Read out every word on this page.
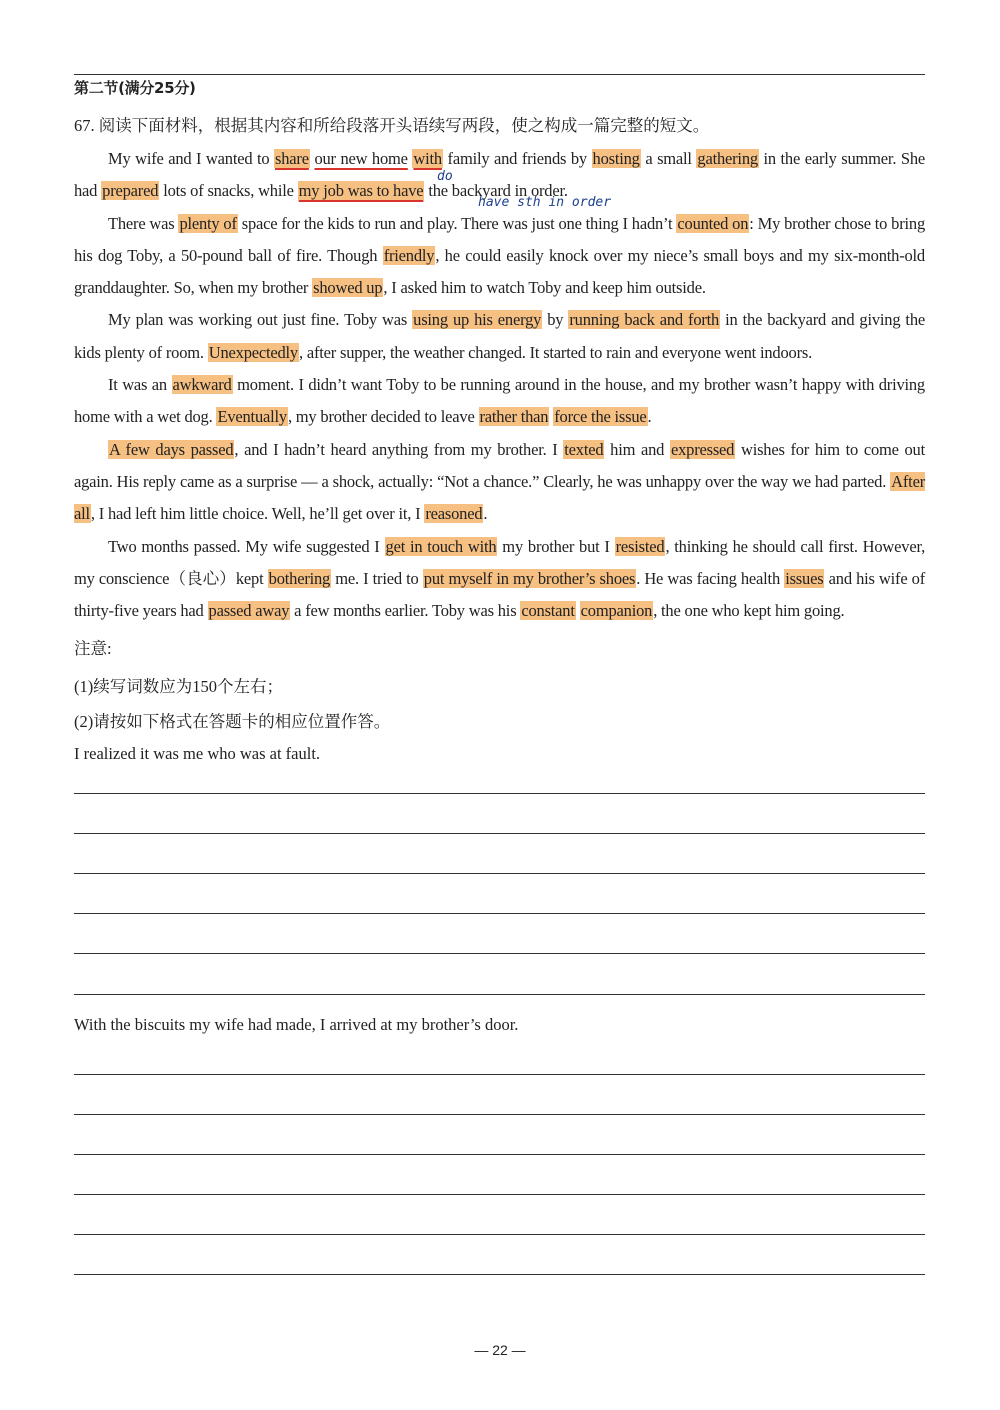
第二节(满分25分)
67. 阅读下面材料，根据其内容和所给段落开头语续写两段，使之构成一篇完整的短文。
do
have sth in order

My wife and I wanted to share our new home with family and friends by hosting a small gathering in the early summer. She had prepared lots of snacks, while my job was to have the backyard in order.

There was plenty of space for the kids to run and play. There was just one thing I hadn’t counted on: My brother chose to bring his dog Toby, a 50-pound ball of fire. Though friendly, he could easily knock over my niece’s small boys and my six-month-old granddaughter. So, when my brother showed up, I asked him to watch Toby and keep him outside.

My plan was working out just fine. Toby was using up his energy by running back and forth in the backyard and giving the kids plenty of room. Unexpectedly, after supper, the weather changed. It started to rain and everyone went indoors.

It was an awkward moment. I didn’t want Toby to be running around in the house, and my brother wasn’t happy with driving home with a wet dog. Eventually, my brother decided to leave rather than force the issue.

A few days passed, and I hadn’t heard anything from my brother. I texted him and expressed wishes for him to come out again. His reply came as a surprise — a shock, actually: “Not a chance.” Clearly, he was unhappy over the way we had parted. After all, I had left him little choice. Well, he’ll get over it, I reasoned.

Two months passed. My wife suggested I get in touch with my brother but I resisted, thinking he should call first. However, my conscience（良心）kept bothering me. I tried to put myself in my brother’s shoes. He was facing health issues and his wife of thirty-five years had passed away a few months earlier. Toby was his constant companion, the one who kept him going.

注意:
(1)续写词数应为150个左右；
(2)请按如下格式在答题卡的相应位置作答。
I realized it was me who was at fault.
With the biscuits my wife had made, I arrived at my brother’s door.
— 22 —
